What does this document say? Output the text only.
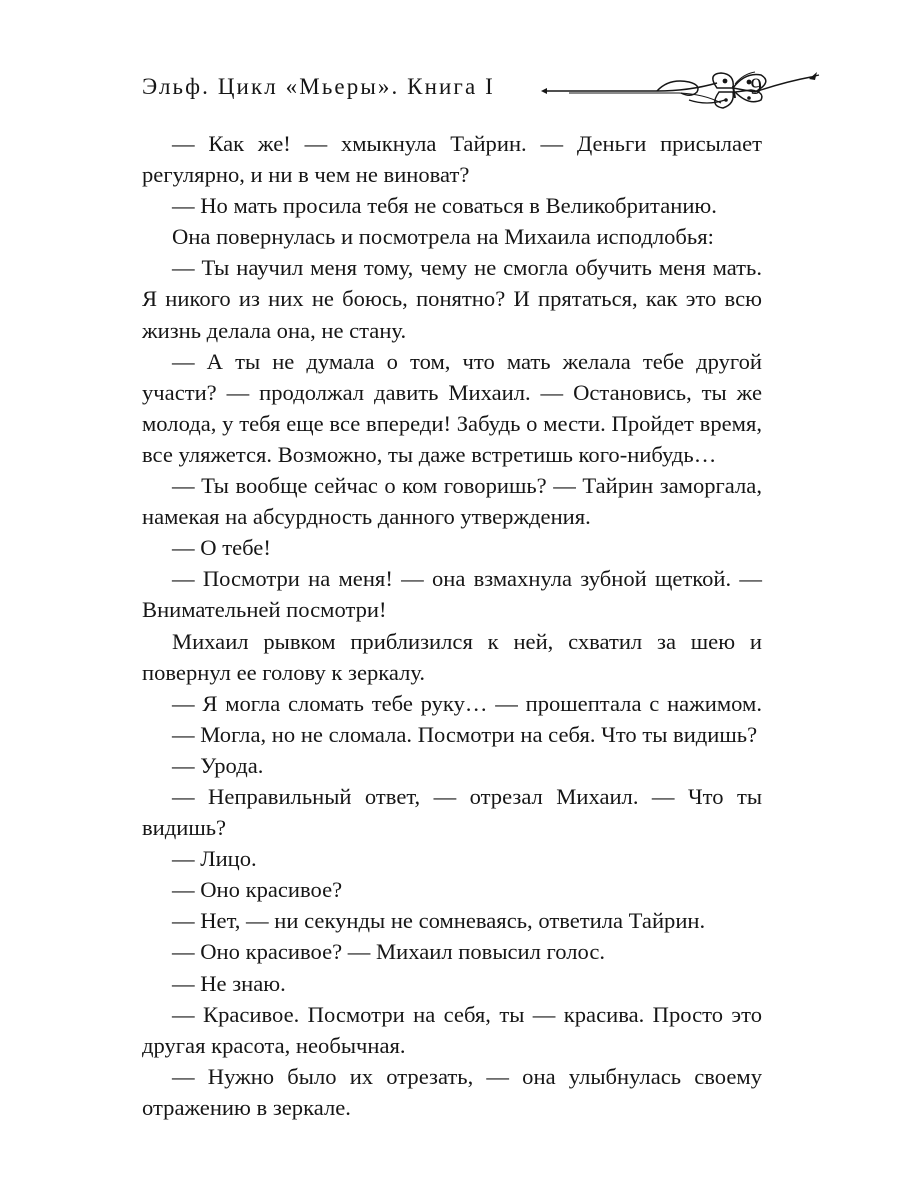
Эльф. Цикл «Мьеры». Книга I	9

— Как же! — хмыкнула Тайрин. — Деньги присылает регулярно, и ни в чем не виноват?

— Но мать просила тебя не соваться в Великобританию.

Она повернулась и посмотрела на Михаила исподлобья:

— Ты научил меня тому, чему не смогла обучить меня мать. Я никого из них не боюсь, понятно? И прятаться, как это всю жизнь делала она, не стану.

— А ты не думала о том, что мать желала тебе другой участи? — продолжал давить Михаил. — Остановись, ты же молода, у тебя еще все впереди! Забудь о мести. Пройдет время, все уляжется. Возможно, ты даже встретишь кого-нибудь…

— Ты вообще сейчас о ком говоришь? — Тайрин заморгала, намекая на абсурдность данного утверждения.

— О тебе!

— Посмотри на меня! — она взмахнула зубной щеткой. — Внимательней посмотри!

Михаил рывком приблизился к ней, схватил за шею и повернул ее голову к зеркалу.

— Я могла сломать тебе руку… — прошептала с нажимом.

— Могла, но не сломала. Посмотри на себя. Что ты видишь?

— Урода.

— Неправильный ответ, — отрезал Михаил. — Что ты видишь?

— Лицо.

— Оно красивое?

— Нет, — ни секунды не сомневаясь, ответила Тайрин.

— Оно красивое? — Михаил повысил голос.

— Не знаю.

— Красивое. Посмотри на себя, ты — красива. Просто это другая красота, необычная.

— Нужно было их отрезать, — она улыбнулась своему отражению в зеркале.
